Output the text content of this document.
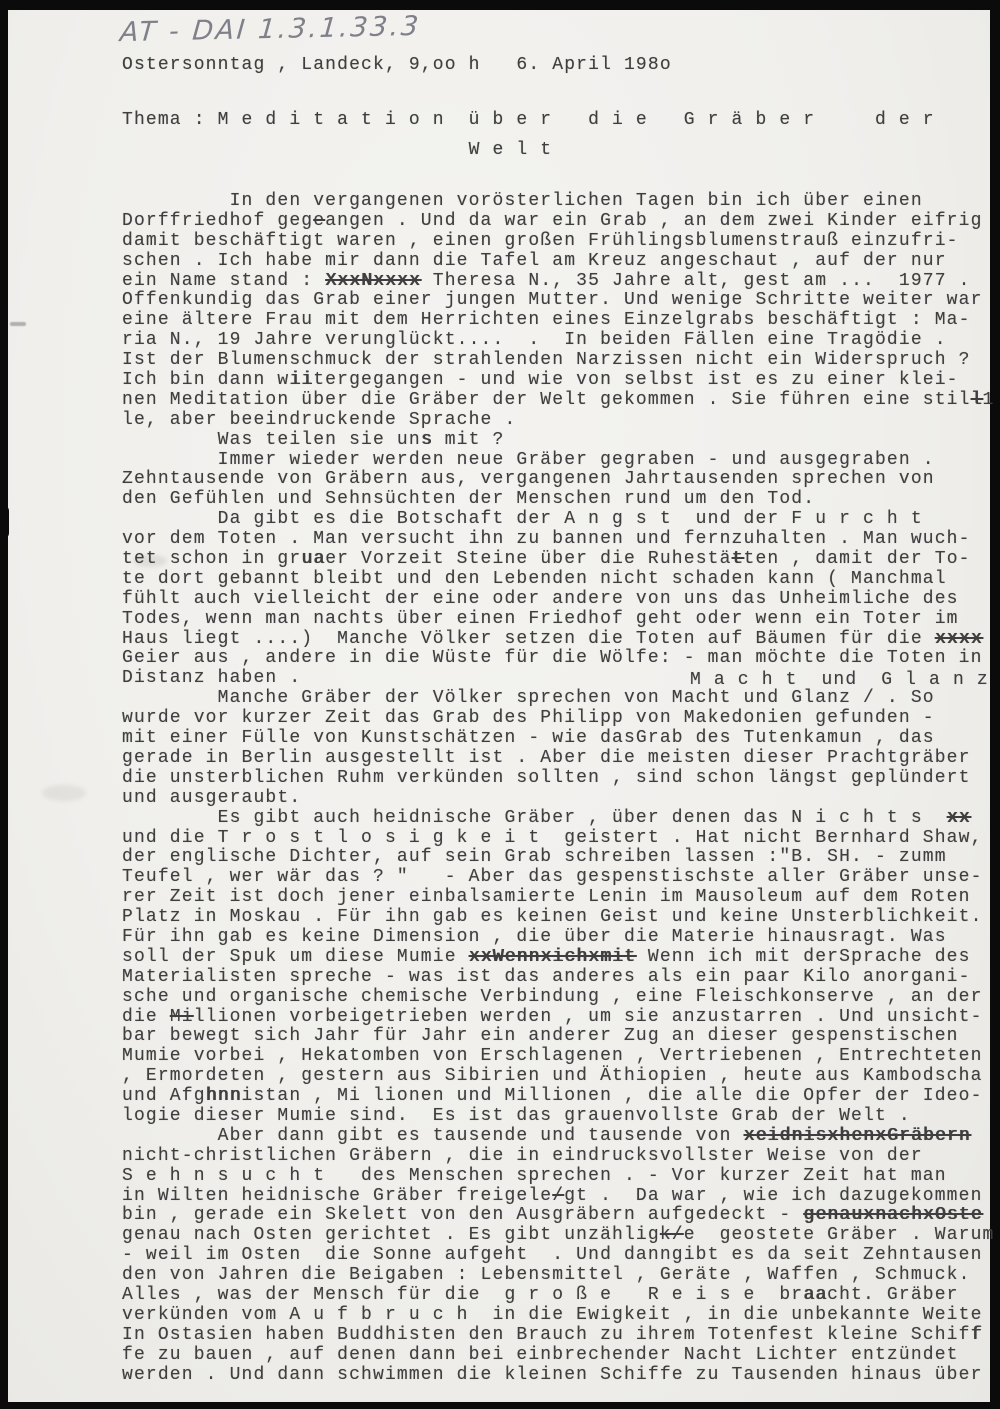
AT - DAI 1.3.1.33.3
Ostersonntag , Landeck, 9,oo h   6. April 198o
Thema : M e d i t a t i o n  ü b e r   d i e   G r ä b e r     d e r
W e l t
M a c h t  und  G l a n z
In den vergangenen vorösterlichen Tagen bin ich über einen
Dorffriedhof gegeangen . Und da war ein Grab , an dem zwei Kinder eifrig
damit beschäftigt waren , einen großen Frühlingsblumenstrauß einzufri-
schen . Ich habe mir dann die Tafel am Kreuz angeschaut , auf der nur
ein Name stand : XxxNxxxx Theresa N., 35 Jahre alt, gest am ...  1977 .
Offenkundig das Grab einer jungen Mutter. Und wenige Schritte weiter war
eine ältere Frau mit dem Herrichten eines Einzelgrabs beschäftigt : Ma-
ria N., 19 Jahre verunglückt....  .  In beiden Fällen eine Tragödie .
Ist der Blumenschmuck der strahlenden Narzissen nicht ein Widerspruch ?
Ich bin dann wiitergegangen - und wie von selbst ist es zu einer klei-
nen Meditation über die Gräber der Welt gekommen . Sie führen eine still1
le, aber beeindruckende Sprache .
Was teilen sie uns mit ?
Immer wieder werden neue Gräber gegraben - und ausgegraben .
Zehntausende von Gräbern aus, vergangenen Jahrtausenden sprechen von
den Gefühlen und Sehnsüchten der Menschen rund um den Tod.
Da gibt es die Botschaft der A n g s t  und der F u r c h t
vor dem Toten . Man versucht ihn zu bannen und fernzuhalten . Man wuch-
tet schon in gruaer Vorzeit Steine über die Ruhestätten , damit der To-
te dort gebannt bleibt und den Lebenden nicht schaden kann ( Manchmal
fühlt auch vielleicht der eine oder andere von uns das Unheimliche des
Todes, wenn man nachts über einen Friedhof geht oder wenn ein Toter im
Haus liegt ....)  Manche Völker setzen die Toten auf Bäumen für die xxxx
Geier aus , andere in die Wüste für die Wölfe: - man möchte die Toten in
Distanz haben .
Manche Gräber der Völker sprechen von Macht und Glanz / . So
wurde vor kurzer Zeit das Grab des Philipp von Makedonien gefunden -
mit einer Fülle von Kunstschätzen - wie dasGrab des Tutenkamun , das
gerade in Berlin ausgestellt ist . Aber die meisten dieser Prachtgräber
die unsterblichen Ruhm verkünden sollten , sind schon längst geplündert
und ausgeraubt.
Es gibt auch heidnische Gräber , über denen das N i c h t s  xx
und die T r o s t l o s i g k e i t  geistert . Hat nicht Bernhard Shaw,
der englische Dichter, auf sein Grab schreiben lassen :"B. SH. - zumm
Teufel , wer wär das ? "   - Aber das gespenstischste aller Gräber unse-
rer Zeit ist doch jener einbalsamierte Lenin im Mausoleum auf dem Roten
Platz in Moskau . Für ihn gab es keinen Geist und keine Unsterblichkeit.
Für ihn gab es keine Dimension , die über die Materie hinausragt. Was
soll der Spuk um diese Mumie xxWennxichxmit Wenn ich mit derSprache des
Materialisten spreche - was ist das anderes als ein paar Kilo anorgani-
sche und organische chemische Verbindung , eine Fleischkonserve , an der
die Millionen vorbeigetrieben werden , um sie anzustarren . Und unsicht-
bar bewegt sich Jahr für Jahr ein anderer Zug an dieser gespenstischen
Mumie vorbei , Hekatomben von Erschlagenen , Vertriebenen , Entrechteten
, Ermordeten , gestern aus Sibirien und Äthiopien , heute aus Kambodscha
und Afghnnistan , Mi lionen und Millionen , die alle die Opfer der Ideo-
logie dieser Mumie sind.  Es ist das grauenvollste Grab der Welt .
Aber dann gibt es tausende und tausende von xeidnisxhenxGräbern
nicht-christlichen Gräbern , die in eindrucksvollster Weise von der
S e h n s u c h t   des Menschen sprechen . - Vor kurzer Zeit hat man
in Wilten heidnische Gräber freigele/gt .  Da war , wie ich dazugekommen
bin , gerade ein Skelett von den Ausgräbern aufgedeckt - genauxnachxOste
genau nach Osten gerichtet . Es gibt unzähligk/e  geostete Gräber . Warum
- weil im Osten  die Sonne aufgeht  . Und danngibt es da seit Zehntausen
den von Jahren die Beigaben : Lebensmittel , Geräte , Waffen , Schmuck.
Alles , was der Mensch für die  g r o ß e   R e i s e  braacht. Gräber
verkünden vom A u f b r u c h  in die Ewigkeit , in die unbekannte Weite
In Ostasien haben Buddhisten den Brauch zu ihrem Totenfest kleine Schiff
fe zu bauen , auf denen dann bei einbrechender Nacht Lichter entzündet
werden . Und dann schwimmen die kleinen Schiffe zu Tausenden hinaus über
